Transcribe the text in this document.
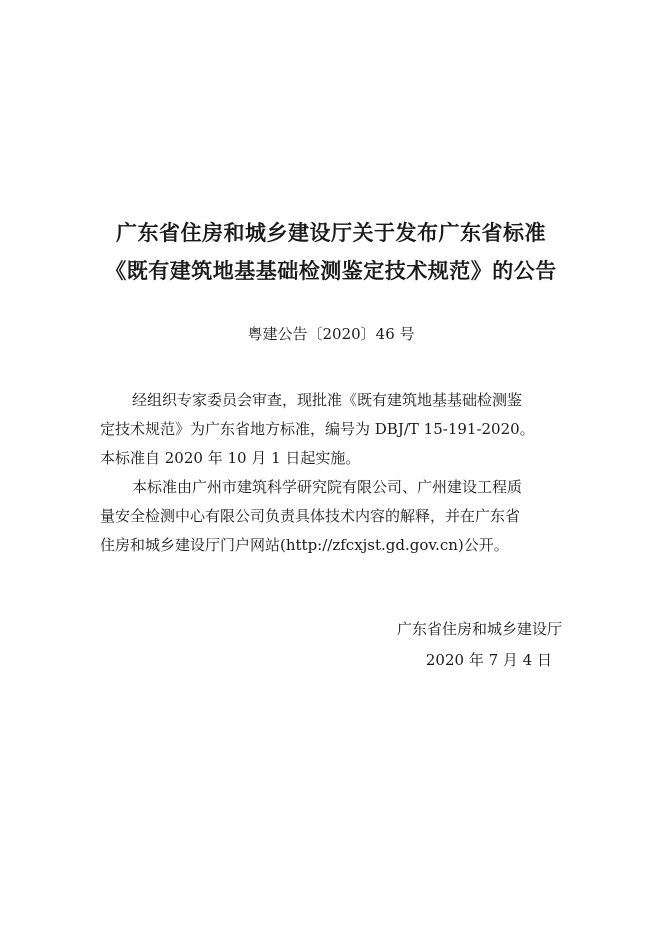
广东省住房和城乡建设厅关于发布广东省标准
《既有建筑地基基础检测鉴定技术规范》的公告
粤建公告〔2020〕46 号
经组织专家委员会审查，现批准《既有建筑地基基础检测鉴
定技术规范》为广东省地方标准，编号为 DBJ/T 15-191-2020。
本标准自 2020 年 10 月 1 日起实施。
本标准由广州市建筑科学研究院有限公司、广州建设工程质
量安全检测中心有限公司负责具体技术内容的解释，并在广东省
住房和城乡建设厅门户网站(http://zfcxjst.gd.gov.cn)公开。
广东省住房和城乡建设厅
2020 年 7 月 4 日
